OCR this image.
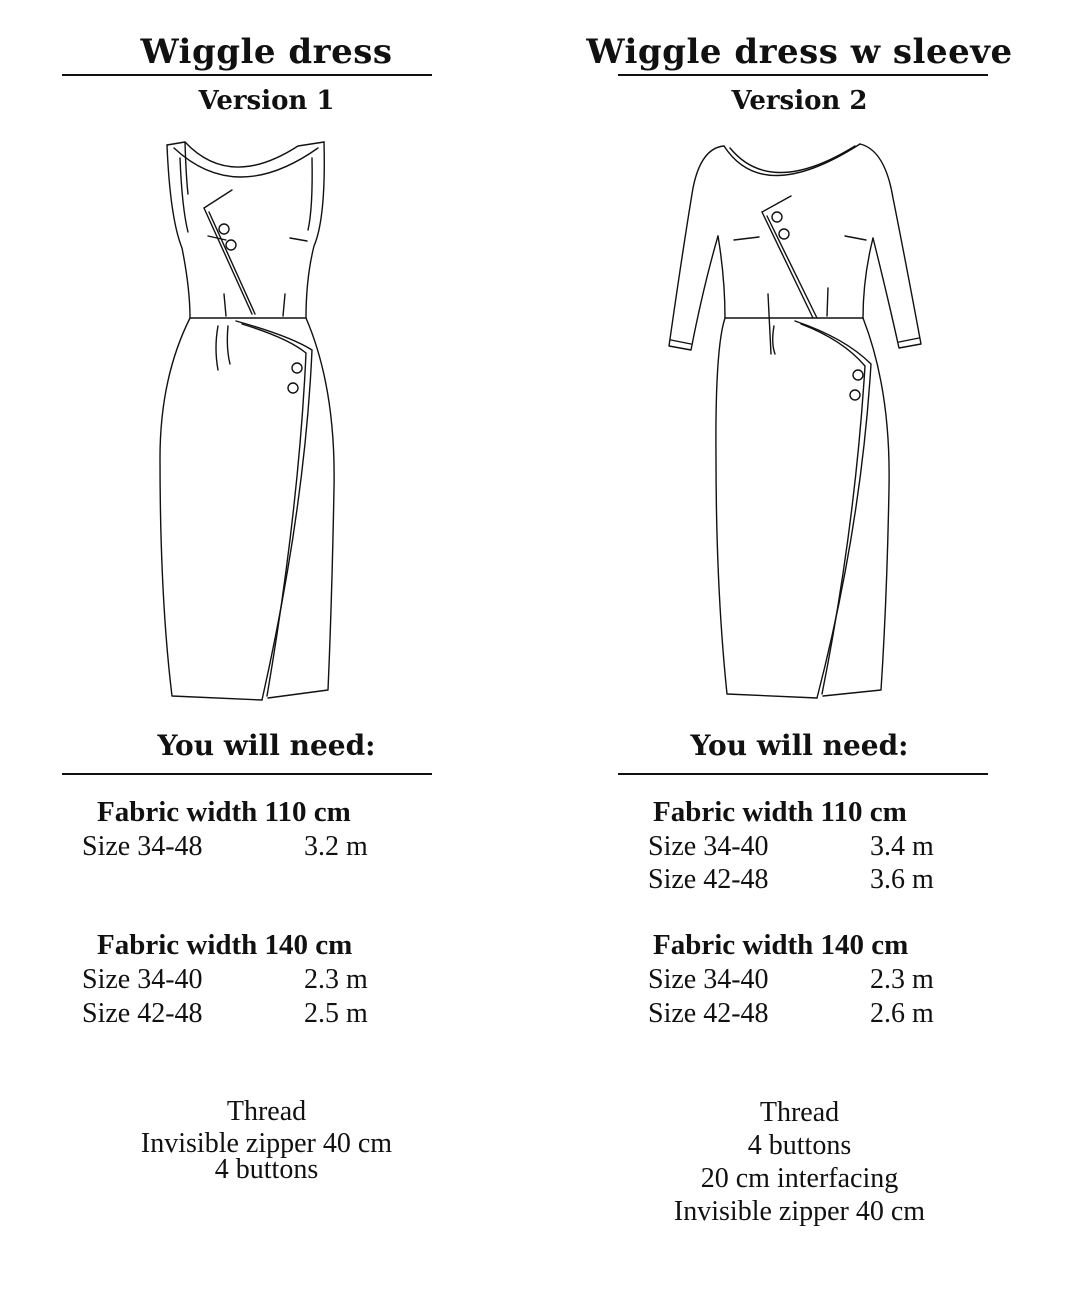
Wiggle dress
Version 1
You will need:
Fabric width 110 cm
Size 34-48	3.2 m
Fabric width 140 cm
Size 34-40	2.3 m
Size 42-48	2.5 m
Thread
Invisible zipper 40 cm
4 buttons
Wiggle dress w sleeve
Version 2
You will need:
Fabric width 110 cm
Size 34-40	3.4 m
Size 42-48	3.6 m
Fabric width 140 cm
Size 34-40	2.3 m
Size 42-48	2.6 m
Thread
4 buttons
20 cm interfacing
Invisible zipper 40 cm
